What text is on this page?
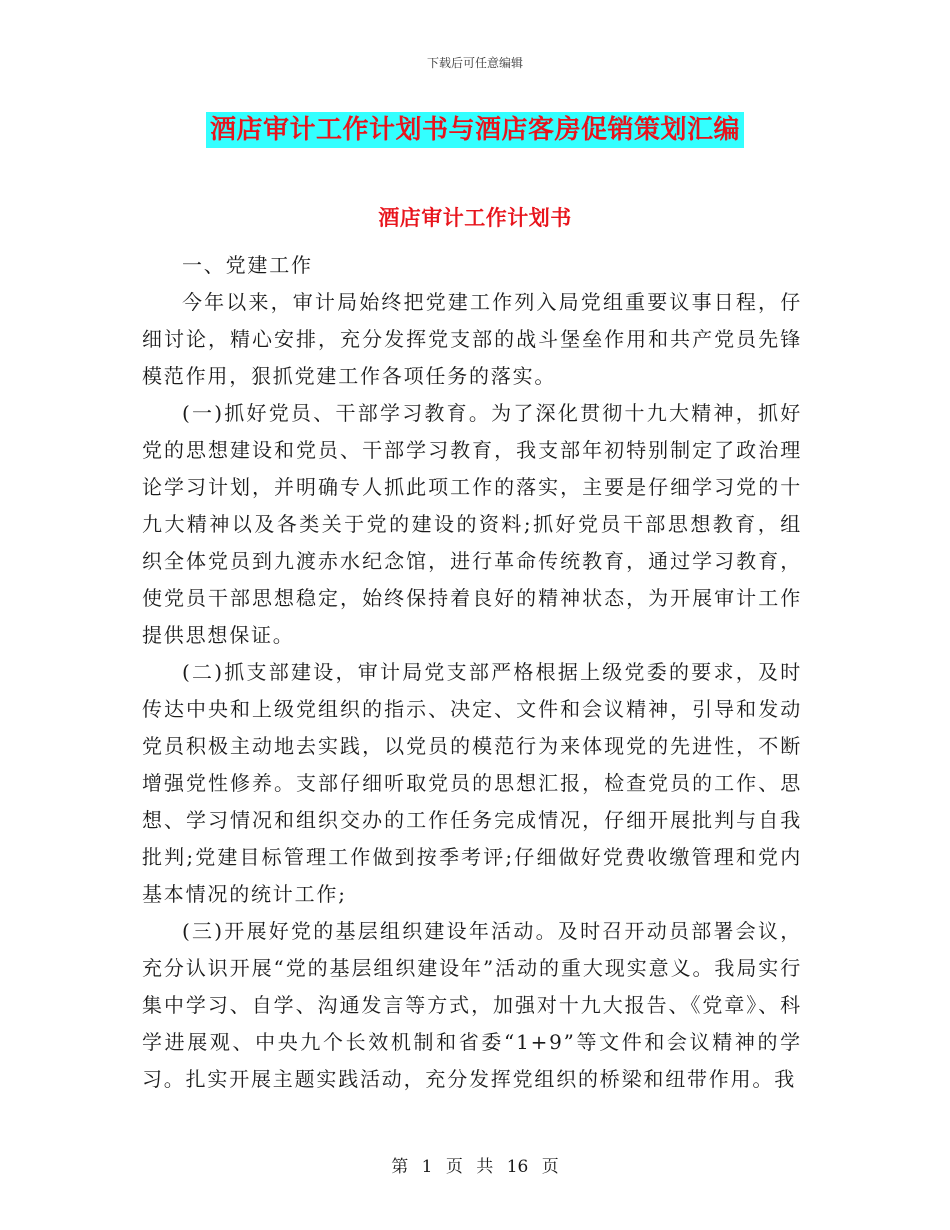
下载后可任意编辑
酒店审计工作计划书与酒店客房促销策划汇编
酒店审计工作计划书

一、党建工作

今年以来，审计局始终把党建工作列入局党组重要议事日程，仔细讨论，精心安排，充分发挥党支部的战斗堡垒作用和共产党员先锋模范作用，狠抓党建工作各项任务的落实。

(一)抓好党员、干部学习教育。为了深化贯彻十九大精神，抓好党的思想建设和党员、干部学习教育，我支部年初特别制定了政治理论学习计划，并明确专人抓此项工作的落实，主要是仔细学习党的十九大精神以及各类关于党的建设的资料;抓好党员干部思想教育，组织全体党员到九渡赤水纪念馆，进行革命传统教育，通过学习教育，使党员干部思想稳定，始终保持着良好的精神状态，为开展审计工作提供思想保证。

(二)抓支部建设，审计局党支部严格根据上级党委的要求，及时传达中央和上级党组织的指示、决定、文件和会议精神，引导和发动党员积极主动地去实践，以党员的模范行为来体现党的先进性，不断增强党性修养。支部仔细听取党员的思想汇报，检查党员的工作、思想、学习情况和组织交办的工作任务完成情况，仔细开展批判与自我批判;党建目标管理工作做到按季考评;仔细做好党费收缴管理和党内基本情况的统计工作;

(三)开展好党的基层组织建设年活动。及时召开动员部署会议，充分认识开展“党的基层组织建设年”活动的重大现实意义。我局实行集中学习、自学、沟通发言等方式，加强对十九大报告、《党章》、科学进展观、中央九个长效机制和省委“1+9”等文件和会议精神的学习。扎实开展主题实践活动，充分发挥党组织的桥梁和纽带作用。我

第 1 页 共 16 页
